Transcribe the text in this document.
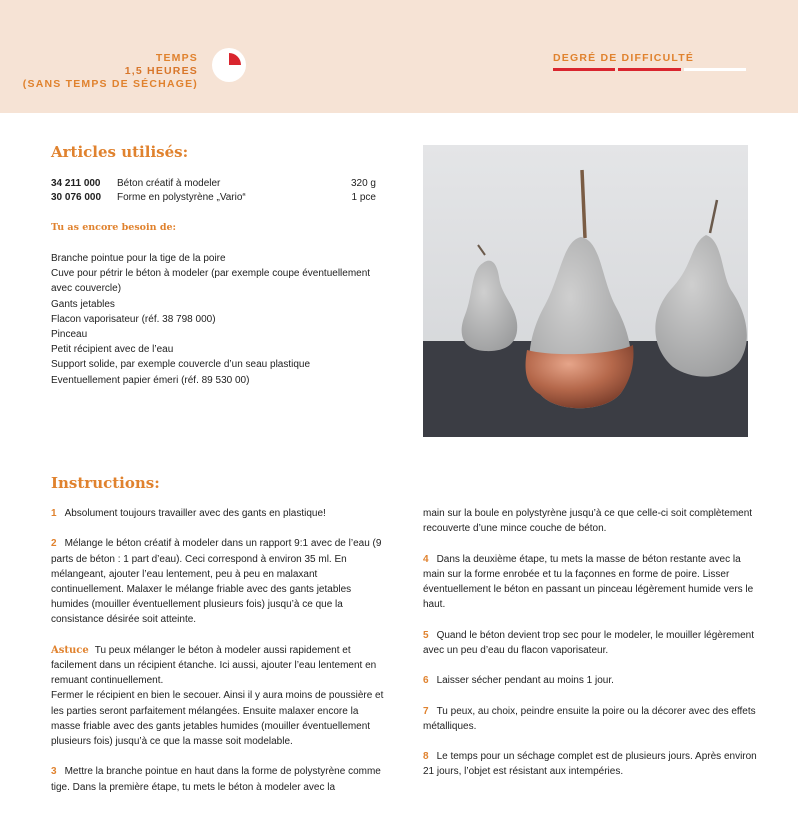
TEMPS
1,5 HEURES
(SANS TEMPS DE SÉCHAGE)
DEGRÉ DE DIFFICULTÉ
Articles utilisés:
34 211 000	Béton créatif à modeler	320 g
30 076 000	Forme en polystyrène „Vario“	1 pce
Tu as encore besoin de:
Branche pointue pour la tige de la poire
Cuve pour pétrir le béton à modeler (par exemple coupe éventuellement avec couvercle)
Gants jetables
Flacon vaporisateur (réf. 38 798 000)
Pinceau
Petit récipient avec de l’eau
Support solide, par exemple couvercle d’un seau plastique
Eventuellement papier émeri (réf. 89 530 00)
Instructions:

1 Absolument toujours travailler avec des gants en plastique!

2 Mélange le béton créatif à modeler dans un rapport 9:1 avec de l’eau (9 parts de béton : 1 part d’eau). Ceci correspond à environ 35 ml. En mélangeant, ajouter l’eau lentement, peu à peu en malaxant continuellement. Malaxer le mélange friable avec des gants jetables humides (mouiller éventuellement plusieurs fois) jusqu’à ce que la consistance désirée soit atteinte.

Astuce Tu peux mélanger le béton à modeler aussi rapidement et facilement dans un récipient étanche. Ici aussi, ajouter l’eau lentement en remuant continuellement.

Fermer le récipient en bien le secouer. Ainsi il y aura moins de poussière et les parties seront parfaitement mélangées. Ensuite malaxer encore la masse friable avec des gants jetables humides (mouiller éventuellement plusieurs fois) jusqu’à ce que la masse soit modelable.

3 Mettre la branche pointue en haut dans la forme de polystyrène comme tige. Dans la première étape, tu mets le béton à modeler avec la

main sur la boule en polystyrène jusqu’à ce que celle-ci soit complètement recouverte d’une mince couche de béton.

4 Dans la deuxième étape, tu mets la masse de béton restante avec la main sur la forme enrobée et tu la façonnes en forme de poire. Lisser éventuellement le béton en passant un pinceau légèrement humide vers le haut.

5 Quand le béton devient trop sec pour le modeler, le mouiller légèrement avec un peu d’eau du flacon vaporisateur.

6 Laisser sécher pendant au moins 1 jour.

7 Tu peux, au choix, peindre ensuite la poire ou la décorer avec des effets métalliques.

8 Le temps pour un séchage complet est de plusieurs jours. Après environ 21 jours, l’objet est résistant aux intempéries.
